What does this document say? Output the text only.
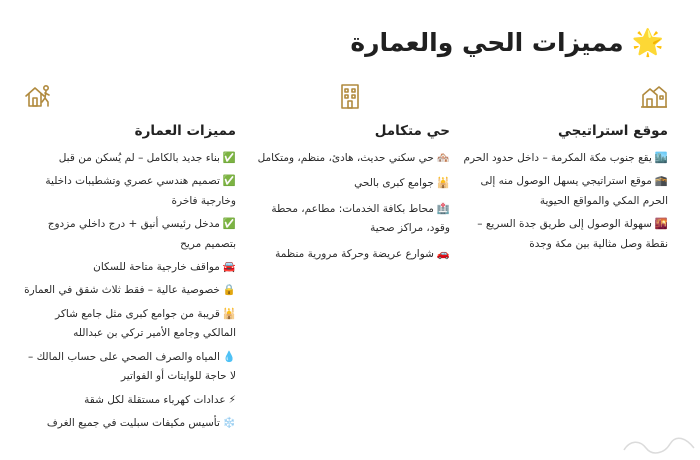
🌟
مميزات الحي والعمارة
موقع استراتيجي
🏙️يقع جنوب مكة المكرمة – داخل حدود الحرم
🕋موقع استراتيجي يسهل الوصول منه إلى الحرم المكي والمواقع الحيوية
🌇سهولة الوصول إلى طريق جدة السريع – نقطة وصل مثالية بين مكة وجدة
حي متكامل
🏘️حي سكني حديث، هادئ، منظم، ومتكامل
🕌جوامع كبرى بالحي
🏥محاط بكافة الخدمات: مطاعم، محطة وقود، مراكز صحية
🚗شوارع عريضة وحركة مرورية منظمة
مميزات العمارة
✅بناء جديد بالكامل – لم يُسكن من قبل
✅تصميم هندسي عصري وتشطيبات داخلية وخارجية فاخرة
✅مدخل رئيسي أنيق + درج داخلي مزدوج بتصميم مريح
🚘مواقف خارجية متاحة للسكان
🔒خصوصية عالية – فقط ثلاث شقق في العمارة
🕌قريبة من جوامع كبرى مثل جامع شاكر المالكي وجامع الأمير تركي بن عبدالله
💧المياه والصرف الصحي على حساب المالك – لا حاجة للوايتات أو الفواتير
⚡عدادات كهرباء مستقلة لكل شقة
❄️تأسيس مكيفات سبليت في جميع الغرف
